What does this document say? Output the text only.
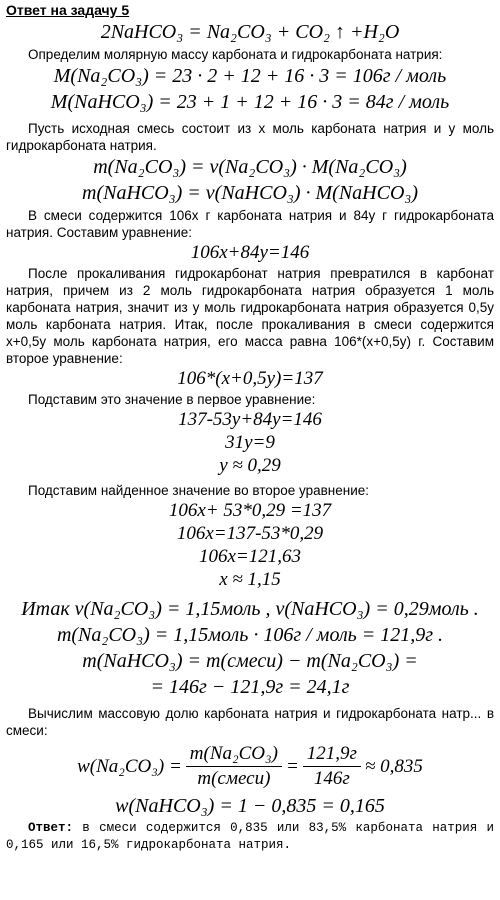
Ответ на задачу 5
2NaHCO₃ = Na₂CO₃ + CO₂ ↑ +H₂O

Определим молярную массу карбоната и гидрокарбоната натрия:

M(Na₂CO₃) = 23 · 2 + 12 + 16 · 3 = 106г / моль
M(NaHCO₃) = 23 + 1 + 12 + 16 · 3 = 84г / моль

Пусть исходная смесь состоит из x моль карбоната натрия и y моль гидрокарбоната натрия.

m(Na₂CO₃) = ν(Na₂CO₃) · M(Na₂CO₃)
m(NaHCO₃) = ν(NaHCO₃) · M(NaHCO₃)

В смеси содержится 106x г карбоната натрия и 84y г гидрокарбоната натрия. Составим уравнение:

106x+84y=146

После прокаливания гидрокарбонат натрия превратился в карбонат натрия, причем из 2 моль гидрокарбоната натрия образуется 1 моль карбоната натрия, значит из y моль гидрокарбоната натрия образуется 0,5y моль карбоната натрия. Итак, после прокаливания в смеси содержится x+0,5y моль карбоната натрия, его масса равна 106*(x+0,5y) г. Составим второе уравнение:

106*(x+0,5y)=137

Подставим это значение в первое уравнение:

137-53y+84y=146
31y=9
y ≈ 0,29

Подставим найденное значение во второе уравнение:

106x+ 53*0,29 =137
106x=137-53*0,29
106x=121,63
x ≈ 1,15
Итак ν(Na₂CO₃) = 1,15моль , ν(NaHCO₃) = 0,29моль .
m(Na₂CO₃) = 1,15моль · 106г / моль = 121,9г .
m(NaHCO₃) = m(смеси) − m(Na₂CO₃) =
= 146г − 121,9г = 24,1г

Вычислим массовую долю карбоната натрия и гидрокарбоната натр... в смеси:

$w(Na_2CO_3) = \frac{\text{m(Na₂CO₃)}}{\text{m(смеси)}} = \frac{121,9г}{146г} \approx 0,835$
w(NaHCO₃) = 1 − 0,835 = 0,165

Ответ: в смеси содержится 0,835 или 83,5% карбоната натрия и 0,165 или 16,5% гидрокарбоната натрия.
